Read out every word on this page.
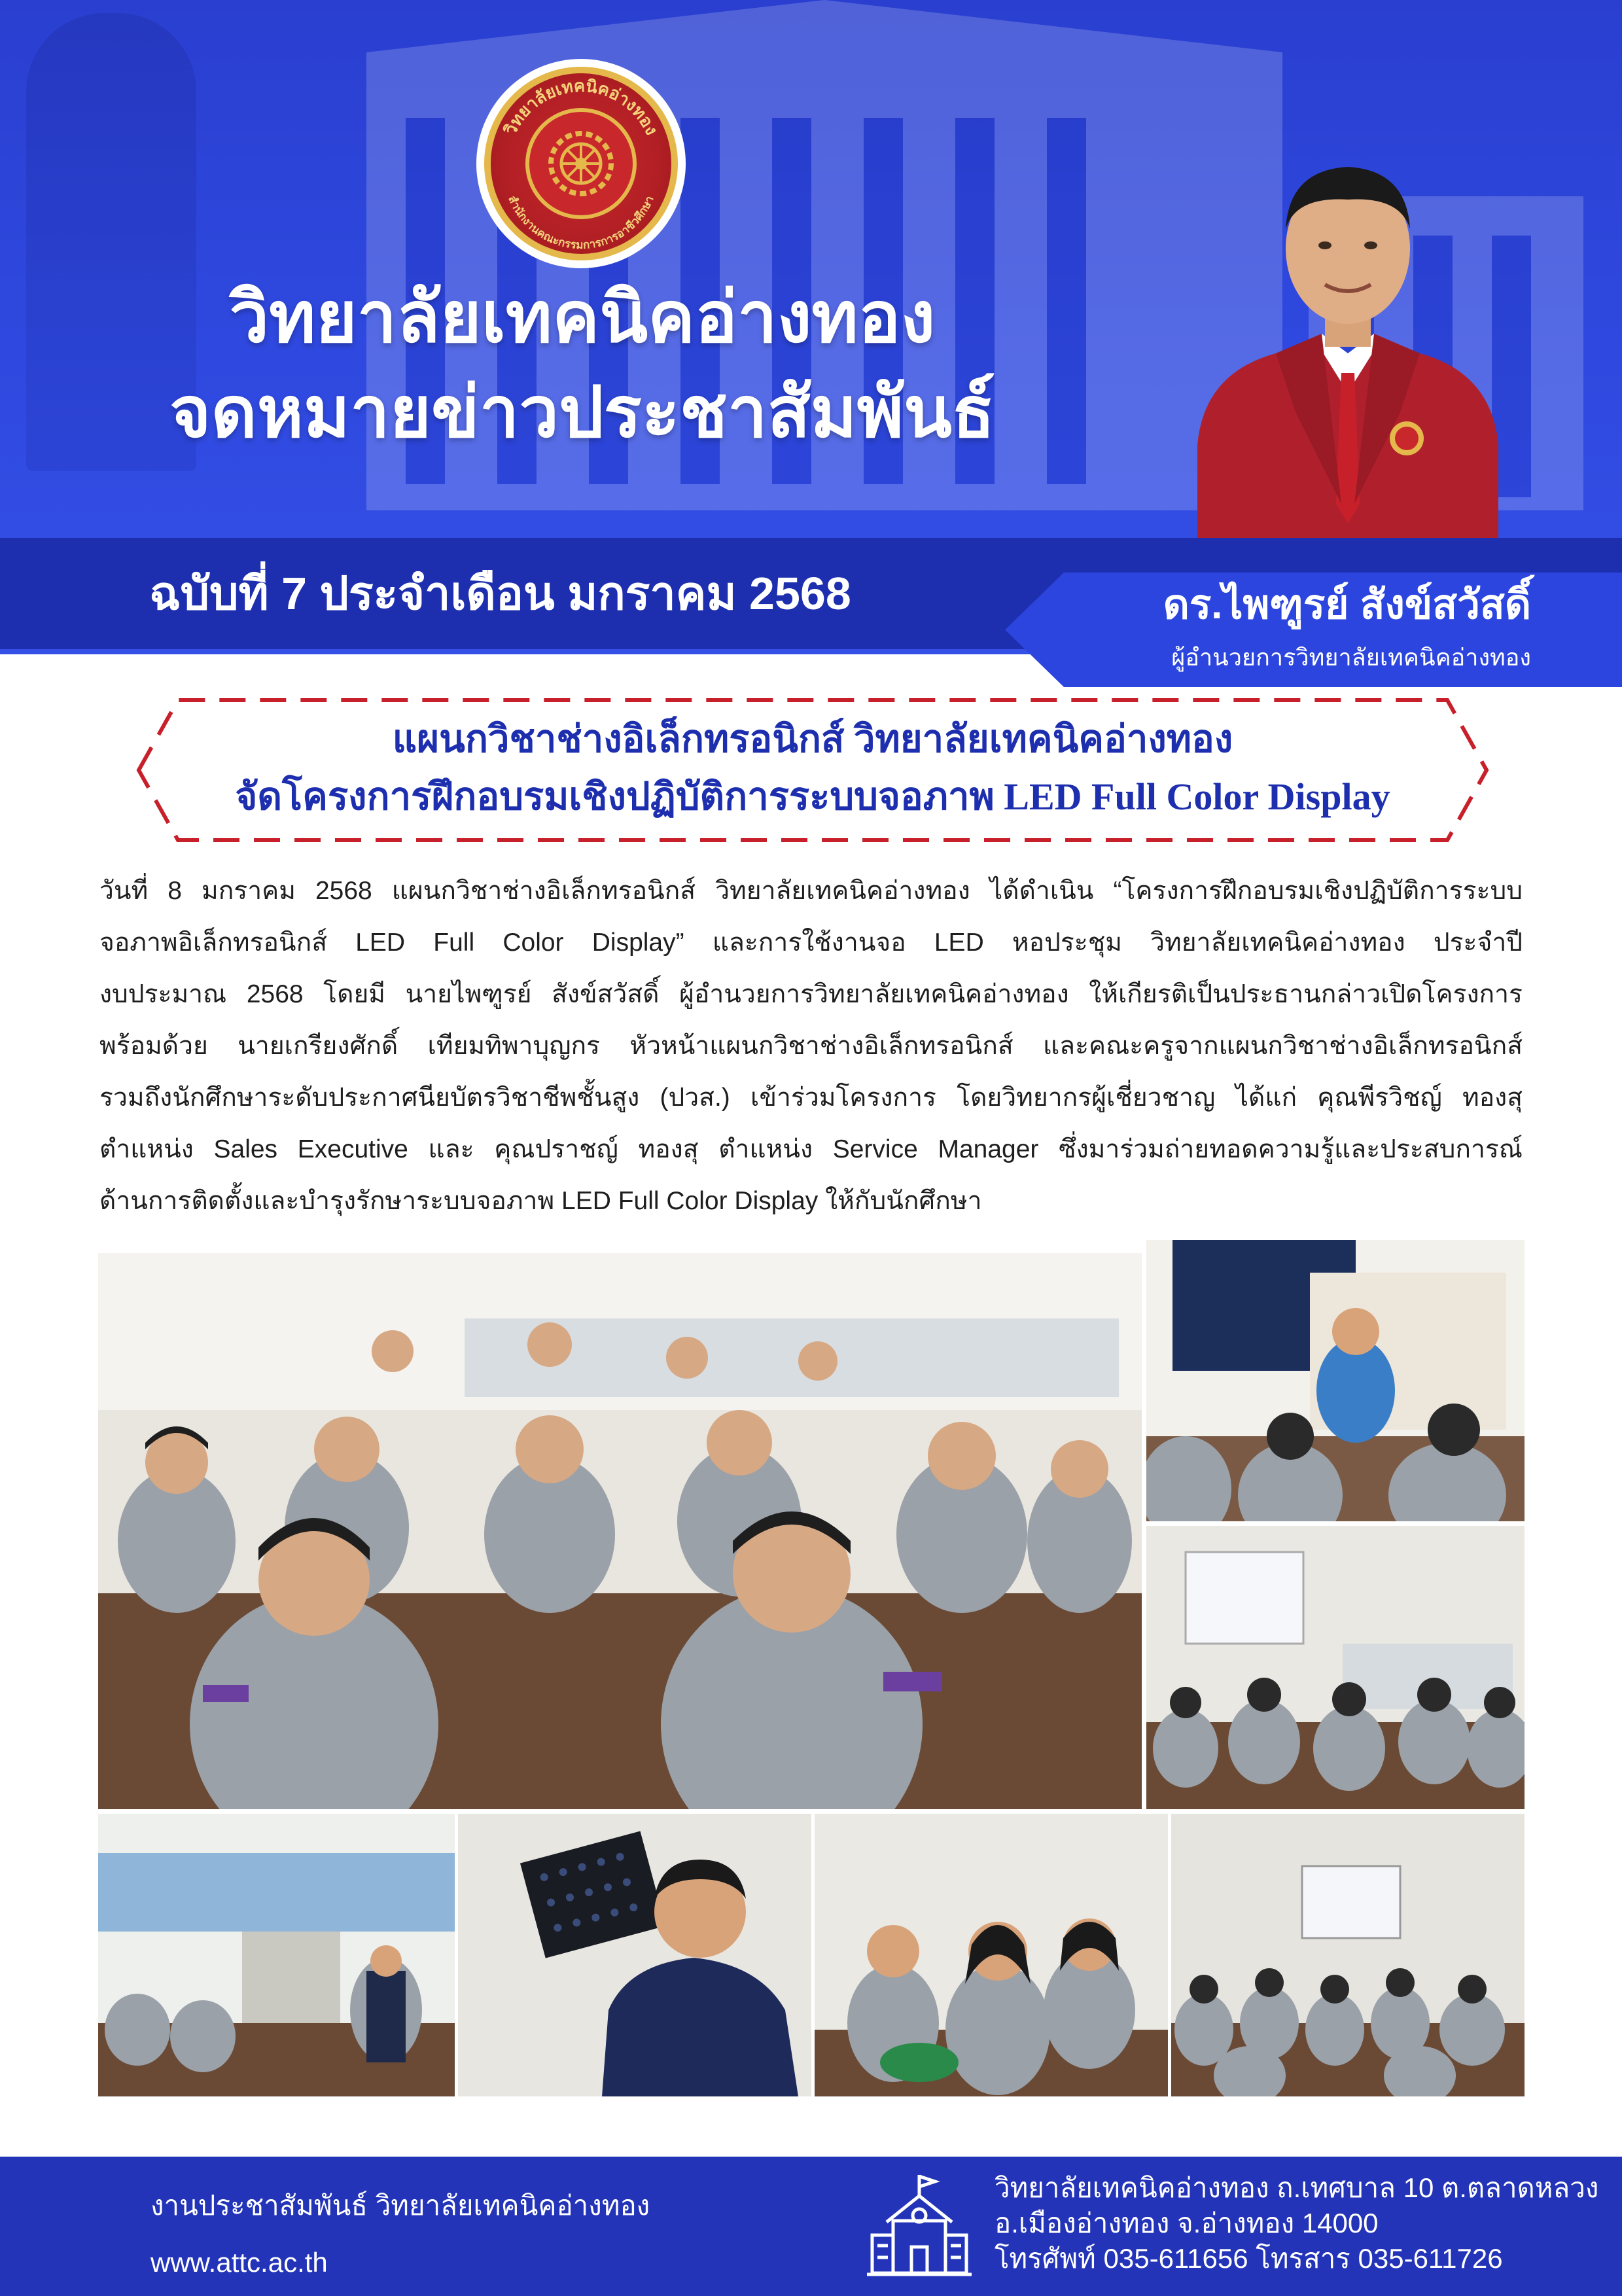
วิทยาลัยเทคนิคอ่างทอง
สำนักงานคณะกรรมการการอาชีวศึกษา
วิทยาลัยเทคนิคอ่างทอง
จดหมายข่าวประชาสัมพันธ์
ฉบับที่ 7 ประจำเดือน มกราคม 2568	ดร.ไพฑูรย์ สังข์สวัสดิ์
ผู้อำนวยการวิทยาลัยเทคนิคอ่างทอง
แผนกวิชาช่างอิเล็กทรอนิกส์ วิทยาลัยเทคนิคอ่างทอง
จัดโครงการฝึกอบรมเชิงปฏิบัติการระบบจอภาพ LED Full Color Display
วันที่ 8 มกราคม 2568 แผนกวิชาช่างอิเล็กทรอนิกส์ วิทยาลัยเทคนิคอ่างทอง ได้ดำเนิน “โครงการฝึกอบรมเชิงปฏิบัติการระบบ
จอภาพอิเล็กทรอนิกส์ LED Full Color Display” และการใช้งานจอ LED หอประชุม วิทยาลัยเทคนิคอ่างทอง ประจำปี
งบประมาณ 2568 โดยมี นายไพฑูรย์ สังข์สวัสดิ์ ผู้อำนวยการวิทยาลัยเทคนิคอ่างทอง ให้เกียรติเป็นประธานกล่าวเปิดโครงการ
พร้อมด้วย นายเกรียงศักดิ์ เทียมทิพาบุญกร หัวหน้าแผนกวิชาช่างอิเล็กทรอนิกส์ และคณะครูจากแผนกวิชาช่างอิเล็กทรอนิกส์
รวมถึงนักศึกษาระดับประกาศนียบัตรวิชาชีพชั้นสูง (ปวส.) เข้าร่วมโครงการ โดยวิทยากรผู้เชี่ยวชาญ ได้แก่ คุณพีรวิชญ์ ทองสุ
ตำแหน่ง Sales Executive และ คุณปราชญ์ ทองสุ ตำแหน่ง Service Manager ซึ่งมาร่วมถ่ายทอดความรู้และประสบการณ์
ด้านการติดตั้งและบำรุงรักษาระบบจอภาพ LED Full Color Display ให้กับนักศึกษา
งานประชาสัมพันธ์ วิทยาลัยเทคนิคอ่างทอง
www.attc.ac.th
วิทยาลัยเทคนิคอ่างทอง ถ.เทศบาล 10 ต.ตลาดหลวง
อ.เมืองอ่างทอง จ.อ่างทอง 14000
โทรศัพท์ 035-611656 โทรสาร 035-611726
